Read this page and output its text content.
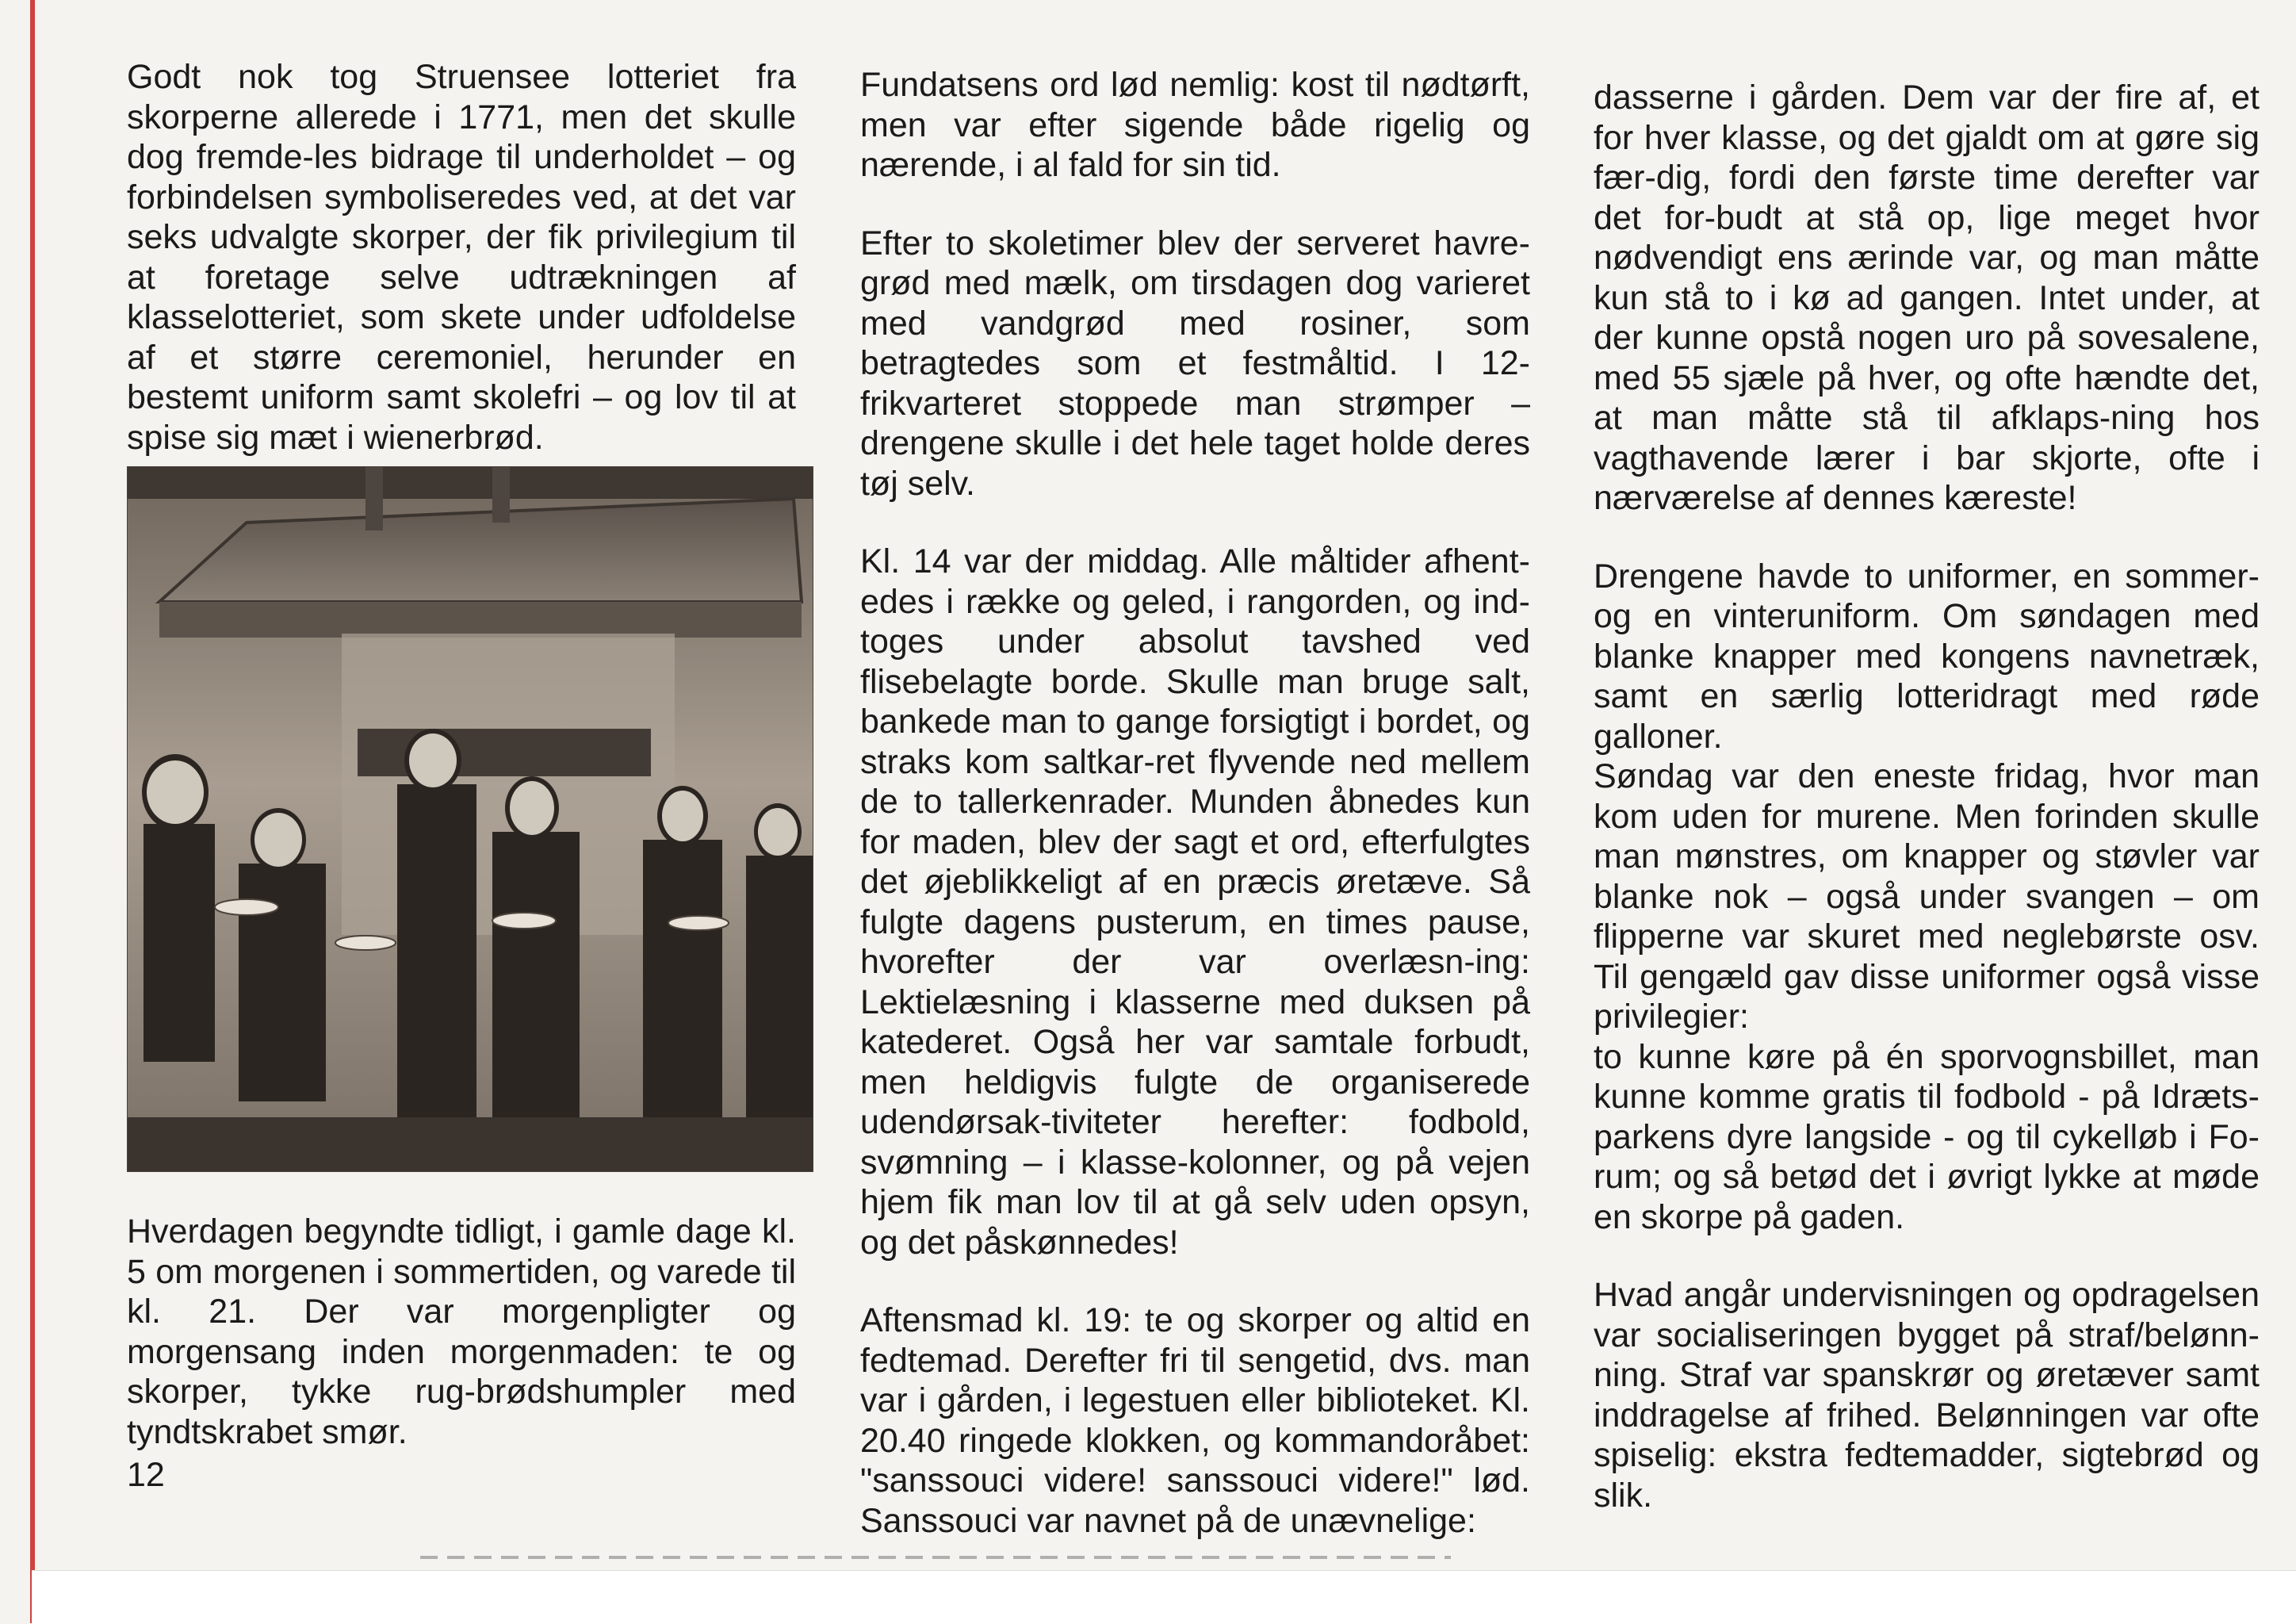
Godt nok tog Struensee lotteriet fra skorperne allerede i 1771, men det skulle dog fremde-les bidrage til underholdet – og forbindelsen symboliseredes ved, at det var seks udvalgte skorper, der fik privilegium til at foretage selve udtrækningen af klasselotteriet, som skete under udfoldelse af et større ceremoniel, herunder en bestemt uniform samt skolefri – og lov til at spise sig mæt i wienerbrød.

Hverdagen begyndte tidligt, i gamle dage kl. 5 om morgenen i sommertiden, og varede til kl. 21. Der var morgenpligter og morgensang inden morgenmaden: te og skorper, tykke rug-brødshumpler med tyndtskrabet smør.

12

Fundatsens ord lød nemlig: kost til nødtørft, men var efter sigende både rigelig og nærende, i al fald for sin tid.

Efter to skoletimer blev der serveret havre-grød med mælk, om tirsdagen dog varieret med vandgrød med rosiner, som betragtedes som et festmåltid. I 12-frikvarteret stoppede man strømper – drengene skulle i det hele taget holde deres tøj selv.

Kl. 14 var der middag. Alle måltider afhent-edes i række og geled, i rangorden, og ind-toges under absolut tavshed ved flisebelagte borde. Skulle man bruge salt, bankede man to gange forsigtigt i bordet, og straks kom saltkar-ret flyvende ned mellem de to tallerkenrader. Munden åbnedes kun for maden, blev der sagt et ord, efterfulgtes det øjeblikkeligt af en præcis øretæve. Så fulgte dagens pusterum, en times pause, hvorefter der var overlæsn-ing: Lektielæsning i klasserne med duksen på katederet. Også her var samtale forbudt, men heldigvis fulgte de organiserede udendørsak-tiviteter herefter: fodbold, svømning – i klasse-kolonner, og på vejen hjem fik man lov til at gå selv uden opsyn, og det påskønnedes!

Aftensmad kl. 19: te og skorper og altid en fedtemad. Derefter fri til sengetid, dvs. man var i gården, i legestuen eller biblioteket. Kl. 20.40 ringede klokken, og kommandoråbet: "sanssouci videre! sanssouci videre!" lød. Sanssouci var navnet på de unævnelige:

dasserne i gården. Dem var der fire af, et for hver klasse, og det gjaldt om at gøre sig fær-dig, fordi den første time derefter var det for-budt at stå op, lige meget hvor nødvendigt ens ærinde var, og man måtte kun stå to i kø ad gangen. Intet under, at der kunne opstå nogen uro på sovesalene, med 55 sjæle på hver, og ofte hændte det, at man måtte stå til afklaps-ning hos vagthavende lærer i bar skjorte, ofte i nærværelse af dennes kæreste!

Drengene havde to uniformer, en sommer- og en vinteruniform. Om søndagen med blanke knapper med kongens navnetræk, samt en særlig lotteridragt med røde galloner.

Søndag var den eneste fridag, hvor man kom uden for murene. Men forinden skulle man mønstres, om knapper og støvler var blanke nok – også under svangen – om flipperne var skuret med neglebørste osv. Til gengæld gav disse uniformer også visse privilegier:

to kunne køre på én sporvognsbillet, man kunne komme gratis til fodbold - på Idræts-parkens dyre langside - og til cykelløb i Fo-rum; og så betød det i øvrigt lykke at møde en skorpe på gaden.

Hvad angår undervisningen og opdragelsen var socialiseringen bygget på straf/belønn-ning. Straf var spanskrør og øretæver samt inddragelse af frihed. Belønningen var ofte spiselig: ekstra fedtemadder, sigtebrød og slik.
